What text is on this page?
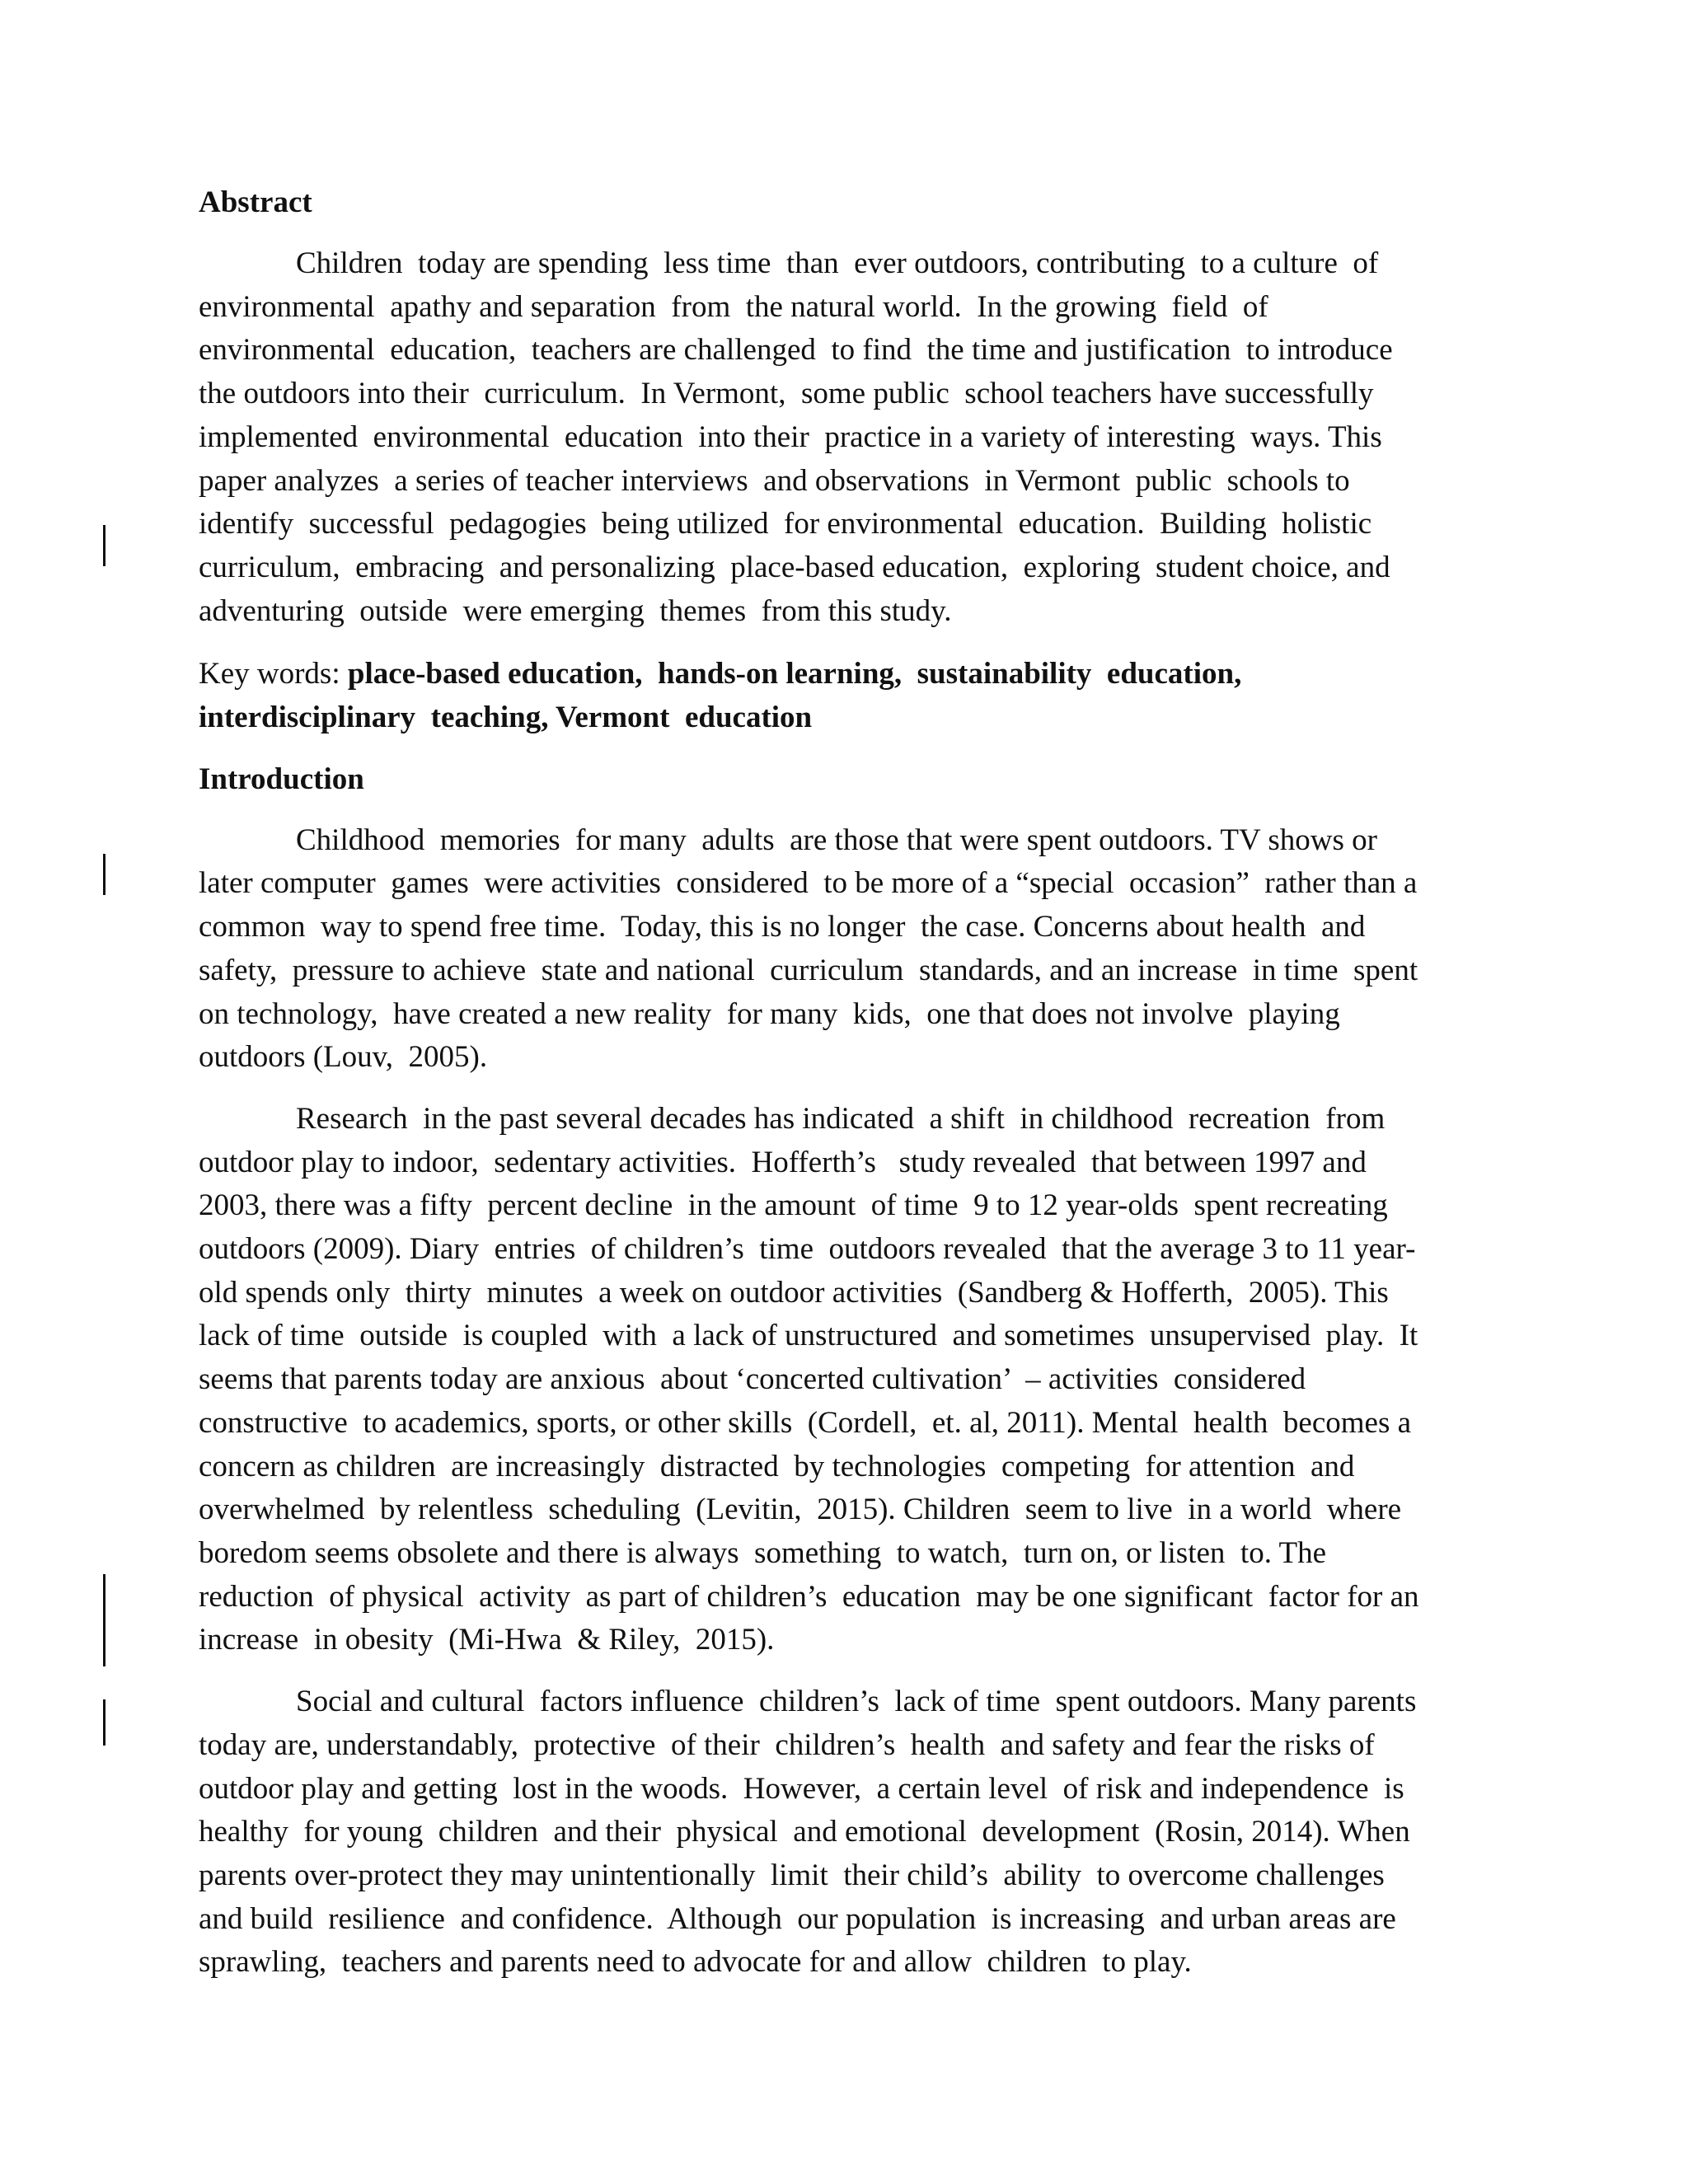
Abstract
Children  today are spending  less time  than  ever outdoors, contributing  to a culture  of
environmental  apathy and separation  from  the natural world.  In the growing  field  of
environmental  education,  teachers are challenged  to find  the time and justification  to introduce
the outdoors into their  curriculum.  In Vermont,  some public  school teachers have successfully
implemented  environmental  education  into their  practice in a variety of interesting  ways. This
paper analyzes  a series of teacher interviews  and observations  in Vermont  public  schools to
identify  successful  pedagogies  being utilized  for environmental  education.  Building  holistic
curriculum,  embracing  and personalizing  place-based education,  exploring  student choice, and
adventuring  outside  were emerging  themes  from this study.
Key words: place-based education,  hands-on learning,  sustainability  education,
interdisciplinary  teaching, Vermont  education
Introduction
Childhood  memories  for many  adults  are those that were spent outdoors. TV shows or
later computer  games  were activities  considered  to be more of a “special  occasion”  rather than a
common  way to spend free time.  Today, this is no longer  the case. Concerns about health  and
safety,  pressure to achieve  state and national  curriculum  standards, and an increase  in time  spent
on technology,  have created a new reality  for many  kids,  one that does not involve  playing
outdoors (Louv,  2005).
Research  in the past several decades has indicated  a shift  in childhood  recreation  from
outdoor play to indoor,  sedentary activities.  Hofferth’s   study revealed  that between 1997 and
2003, there was a fifty  percent decline  in the amount  of time  9 to 12 year-olds  spent recreating
outdoors (2009). Diary  entries  of children’s  time  outdoors revealed  that the average 3 to 11 year-
old spends only  thirty  minutes  a week on outdoor activities  (Sandberg & Hofferth,  2005). This
lack of time  outside  is coupled  with  a lack of unstructured  and sometimes  unsupervised  play.  It
seems that parents today are anxious  about ‘concerted cultivation’  – activities  considered
constructive  to academics, sports, or other skills  (Cordell,  et. al, 2011). Mental  health  becomes a
concern as children  are increasingly  distracted  by technologies  competing  for attention  and
overwhelmed  by relentless  scheduling  (Levitin,  2015). Children  seem to live  in a world  where
boredom seems obsolete and there is always  something  to watch,  turn on, or listen  to. The
reduction  of physical  activity  as part of children’s  education  may be one significant  factor for an
increase  in obesity  (Mi-Hwa  & Riley,  2015).
Social and cultural  factors influence  children’s  lack of time  spent outdoors. Many parents
today are, understandably,  protective  of their  children’s  health  and safety and fear the risks of
outdoor play and getting  lost in the woods.  However,  a certain level  of risk and independence  is
healthy  for young  children  and their  physical  and emotional  development  (Rosin, 2014). When
parents over-protect they may unintentionally  limit  their child’s  ability  to overcome challenges
and build  resilience  and confidence.  Although  our population  is increasing  and urban areas are
sprawling,  teachers and parents need to advocate for and allow  children  to play.
